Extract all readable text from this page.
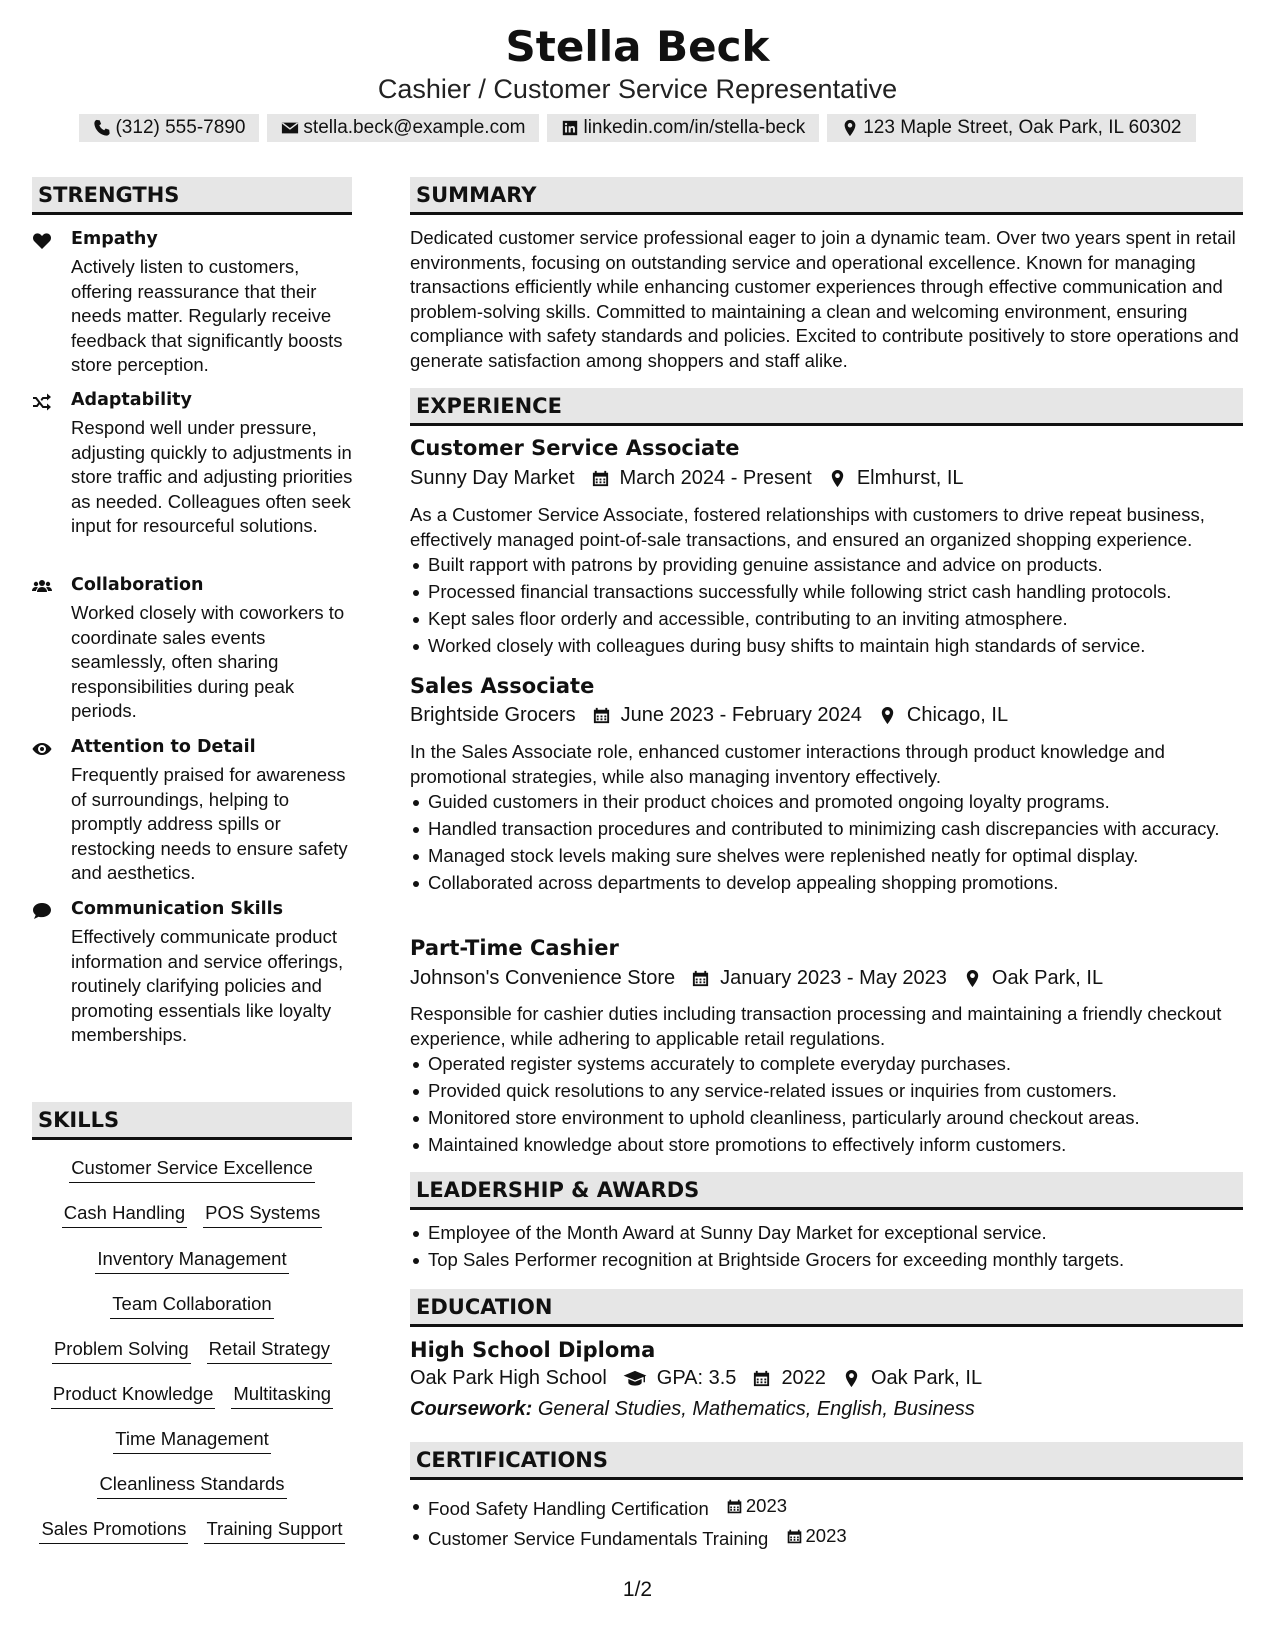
Stella Beck
Cashier / Customer Service Representative
(312) 555-7890	stella.beck@example.com	linkedin.com/in/stella-beck	123 Maple Street, Oak Park, IL 60302
STRENGTHS
Empathy
Actively listen to customers, offering reassurance that their needs matter. Regularly receive feedback that significantly boosts store perception.
Adaptability
Respond well under pressure, adjusting quickly to adjustments in store traffic and adjusting priorities as needed. Colleagues often seek input for resourceful solutions.
Collaboration
Worked closely with coworkers to coordinate sales events seamlessly, often sharing responsibilities during peak periods.
Attention to Detail
Frequently praised for awareness of surroundings, helping to promptly address spills or restocking needs to ensure safety and aesthetics.
Communication Skills
Effectively communicate product information and service offerings, routinely clarifying policies and promoting essentials like loyalty memberships.
SKILLS
Customer Service Excellence
Cash Handling POS Systems
Inventory Management
Team Collaboration
Problem Solving Retail Strategy
Product Knowledge Multitasking
Time Management
Cleanliness Standards
Sales Promotions Training Support
SUMMARY
Dedicated customer service professional eager to join a dynamic team. Over two years spent in retail environments, focusing on outstanding service and operational excellence. Known for managing transactions efficiently while enhancing customer experiences through effective communication and problem-solving skills. Committed to maintaining a clean and welcoming environment, ensuring compliance with safety standards and policies. Excited to contribute positively to store operations and generate satisfaction among shoppers and staff alike.
EXPERIENCE
Customer Service Associate
Sunny Day Market March 2024 - Present Elmhurst, IL
As a Customer Service Associate, fostered relationships with customers to drive repeat business, effectively managed point-of-sale transactions, and ensured an organized shopping experience.
Built rapport with patrons by providing genuine assistance and advice on products.
Processed financial transactions successfully while following strict cash handling protocols.
Kept sales floor orderly and accessible, contributing to an inviting atmosphere.
Worked closely with colleagues during busy shifts to maintain high standards of service.
Sales Associate
Brightside Grocers June 2023 - February 2024 Chicago, IL
In the Sales Associate role, enhanced customer interactions through product knowledge and promotional strategies, while also managing inventory effectively.
Guided customers in their product choices and promoted ongoing loyalty programs.
Handled transaction procedures and contributed to minimizing cash discrepancies with accuracy.
Managed stock levels making sure shelves were replenished neatly for optimal display.
Collaborated across departments to develop appealing shopping promotions.
Part-Time Cashier
Johnson's Convenience Store January 2023 - May 2023 Oak Park, IL
Responsible for cashier duties including transaction processing and maintaining a friendly checkout experience, while adhering to applicable retail regulations.
Operated register systems accurately to complete everyday purchases.
Provided quick resolutions to any service-related issues or inquiries from customers.
Monitored store environment to uphold cleanliness, particularly around checkout areas.
Maintained knowledge about store promotions to effectively inform customers.
LEADERSHIP & AWARDS
Employee of the Month Award at Sunny Day Market for exceptional service.
Top Sales Performer recognition at Brightside Grocers for exceeding monthly targets.
EDUCATION
High School Diploma
Oak Park High School	GPA: 3.5 2022 Oak Park, IL
Coursework: General Studies, Mathematics, English, Business
CERTIFICATIONS
Food Safety Handling Certification 2023
Customer Service Fundamentals Training 2023
1/2
